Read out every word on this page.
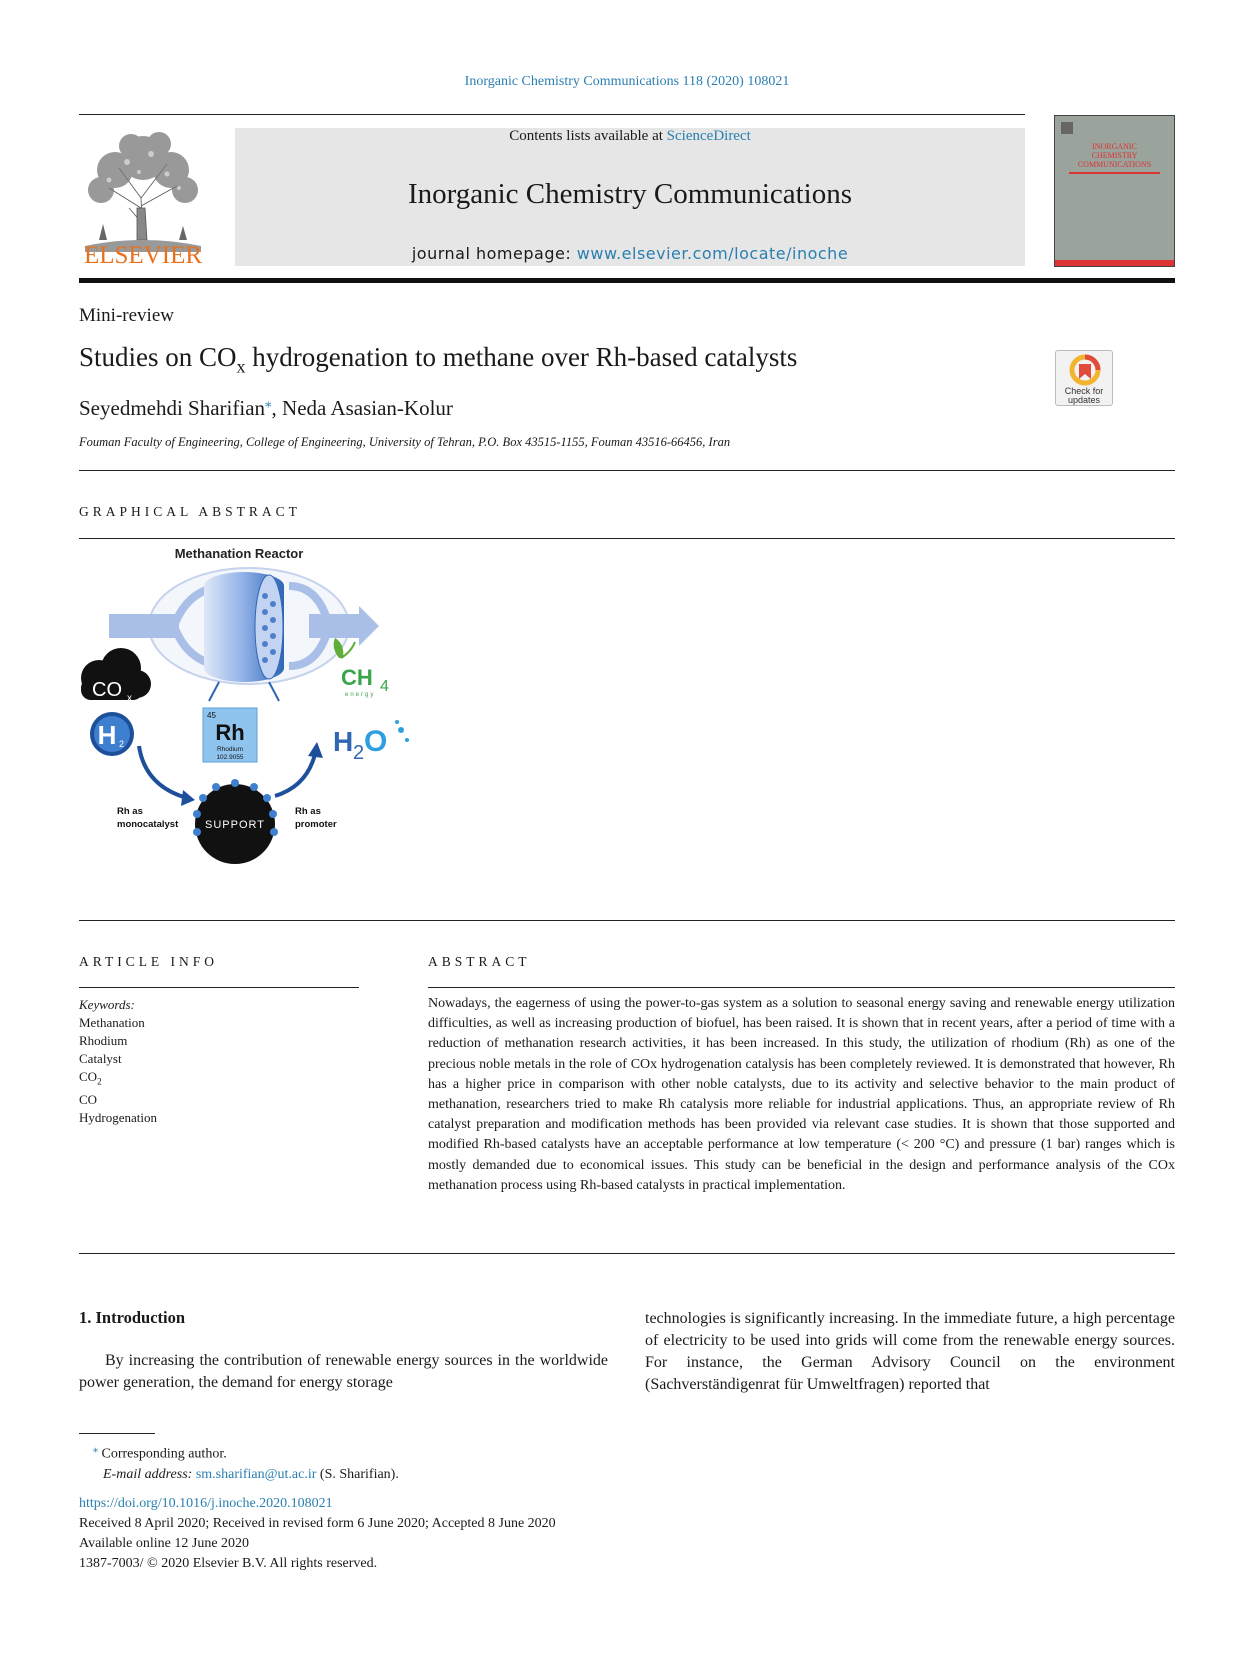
Inorganic Chemistry Communications 118 (2020) 108021
ELSEVIER
Contents lists available at ScienceDirect
Inorganic Chemistry Communications
journal homepage: www.elsevier.com/locate/inoche
INORGANIC
CHEMISTRY
COMMUNICATIONS
Mini-review
Studies on $CO_x$ hydrogenation to methane over Rh-based catalysts
Check for
updates
Seyedmehdi Sharifian⁎, Neda Asasian-Kolur
Fouman Faculty of Engineering, College of Engineering, University of Tehran, P.O. Box 43515-1155, Fouman 43516-66456, Iran
GRAPHICAL ABSTRACT
Methanation Reactor
CO x
CH 4
energy
H 2
45
Rh
Rhodium
102.9055
H 2 O
SUPPORT
Rh as
monocatalyst
Rh as
promoter
ARTICLE INFO
Keywords:
Methanation
Rhodium
Catalyst
$CO_2$
CO
Hydrogenation
ABSTRACT
Nowadays, the eagerness of using the power-to-gas system as a solution to seasonal energy saving and renewable energy utilization difficulties, as well as increasing production of biofuel, has been raised. It is shown that in recent years, after a period of time with a reduction of methanation research activities, it has been increased. In this study, the utilization of rhodium (Rh) as one of the precious noble metals in the role of COx hydrogenation catalysis has been completely reviewed. It is demonstrated that however, Rh has a higher price in comparison with other noble catalysts, due to its activity and selective behavior to the main product of methanation, researchers tried to make Rh catalysis more reliable for industrial applications. Thus, an appropriate review of Rh catalyst preparation and modification methods has been provided via relevant case studies. It is shown that those supported and modified Rh-based catalysts have an acceptable performance at low temperature (< 200 °C) and pressure (1 bar) ranges which is mostly demanded due to economical issues. This study can be beneficial in the design and performance analysis of the COx methanation process using Rh-based catalysts in practical implementation.
1. Introduction
By increasing the contribution of renewable energy sources in the worldwide power generation, the demand for energy storage
technologies is significantly increasing. In the immediate future, a high percentage of electricity to be used into grids will come from the renewable energy sources. For instance, the German Advisory Council on the environment (Sachverständigenrat für Umweltfragen) reported that
⁎ Corresponding author.
E-mail address: sm.sharifian@ut.ac.ir (S. Sharifian).
https://doi.org/10.1016/j.inoche.2020.108021
Received 8 April 2020; Received in revised form 6 June 2020; Accepted 8 June 2020
Available online 12 June 2020
1387-7003/ © 2020 Elsevier B.V. All rights reserved.
